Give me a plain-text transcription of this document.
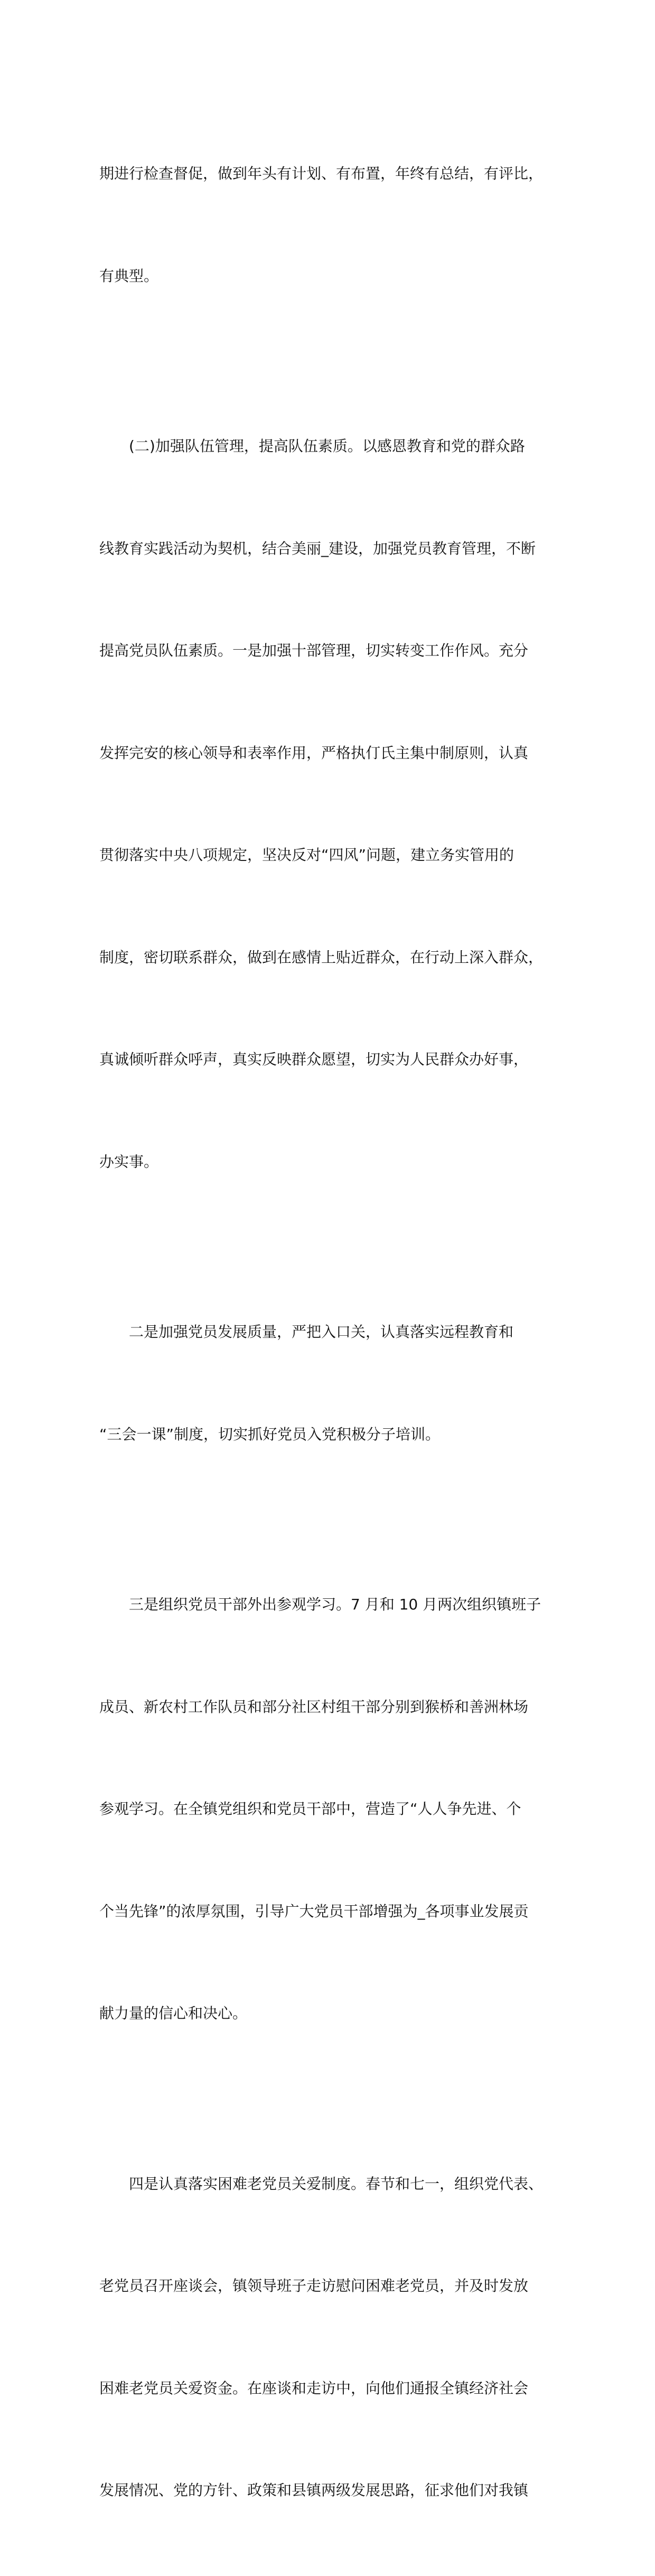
期进行检查督促，做到年头有计划、有布置，年终有总结，有评比，

有典型。

　　(二)加强队伍管理，提高队伍素质。以感恩教育和党的群众路

线教育实践活动为契机，结合美丽_建设，加强党员教育管理，不断

提高党员队伍素质。一是加强十部管理，切实转变工作作风。充分

发挥完安的核心领导和表率作用，严格执仃氏主集中制原则，认真

贯彻落实中央八项规定，坚决反对“四风”问题，建立务实管用的

制度，密切联系群众，做到在感情上贴近群众，在行动上深入群众，

真诚倾听群众呼声，真实反映群众愿望，切实为人民群众办好事，

办实事。

　　二是加强党员发展质量，严把入口关，认真落实远程教育和

“三会一课”制度，切实抓好党员入党积极分子培训。

　　三是组织党员干部外出参观学习。7 月和 10 月两次组织镇班子

成员、新农村工作队员和部分社区村组干部分别到猴桥和善洲林场

参观学习。在全镇党组织和党员干部中，营造了“人人争先进、个

个当先锋”的浓厚氛围，引导广大党员干部增强为_各项事业发展贡

献力量的信心和决心。

　　四是认真落实困难老党员关爱制度。春节和七一，组织党代表、

老党员召开座谈会，镇领导班子走访慰问困难老党员，并及时发放

困难老党员关爱资金。在座谈和走访中，向他们通报全镇经济社会

发展情况、党的方针、政策和县镇两级发展思路，征求他们对我镇
